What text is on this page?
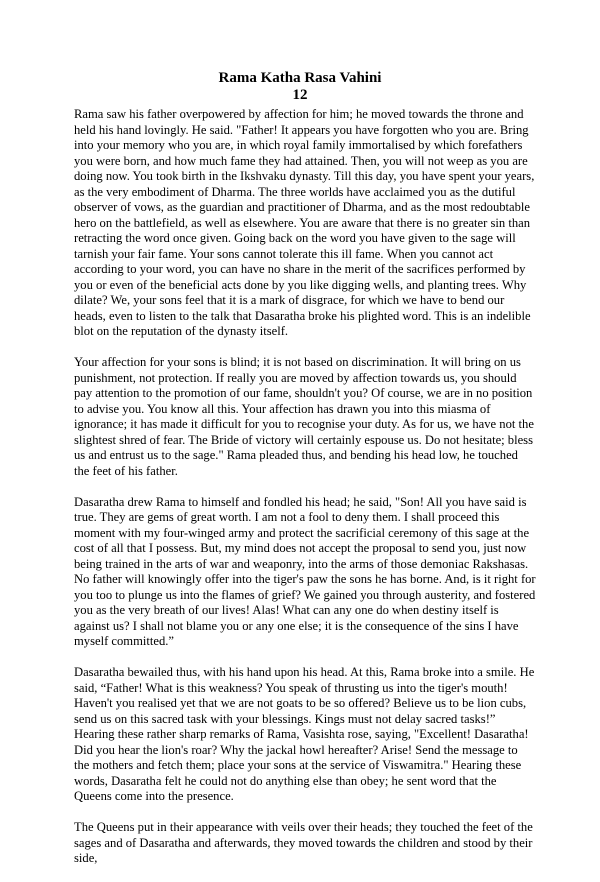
Rama Katha Rasa Vahini
12

Rama saw his father overpowered by affection for him; he moved towards the throne and held his hand lovingly. He said. "Father! It appears you have forgotten who you are. Bring into your memory who you are, in which royal family immortalised by which forefathers you were born, and how much fame they had attained. Then, you will not weep as you are doing now. You took birth in the Ikshvaku dynasty. Till this day, you have spent your years, as the very embodiment of Dharma. The three worlds have acclaimed you as the dutiful observer of vows, as the guardian and practitioner of Dharma, and as the most redoubtable hero on the battlefield, as well as elsewhere. You are aware that there is no greater sin than retracting the word once given. Going back on the word you have given to the sage will tarnish your fair fame. Your sons cannot tolerate this ill fame. When you cannot act according to your word, you can have no share in the merit of the sacrifices performed by you or even of the beneficial acts done by you like digging wells, and planting trees. Why dilate? We, your sons feel that it is a mark of disgrace, for which we have to bend our heads, even to listen to the talk that Dasaratha broke his plighted word. This is an indelible blot on the reputation of the dynasty itself.

Your affection for your sons is blind; it is not based on discrimination. It will bring on us punishment, not protection. If really you are moved by affection towards us, you should pay attention to the promotion of our fame, shouldn't you? Of course, we are in no position to advise you. You know all this. Your affection has drawn you into this miasma of ignorance; it has made it difficult for you to recognise your duty. As for us, we have not the slightest shred of fear. The Bride of victory will certainly espouse us. Do not hesitate; bless us and entrust us to the sage." Rama pleaded thus, and bending his head low, he touched the feet of his father.

Dasaratha drew Rama to himself and fondled his head; he said, "Son! All you have said is true. They are gems of great worth. I am not a fool to deny them. I shall proceed this moment with my four-winged army and protect the sacrificial ceremony of this sage at the cost of all that I possess. But, my mind does not accept the proposal to send you, just now being trained in the arts of war and weaponry, into the arms of those demoniac Rakshasas. No father will knowingly offer into the tiger's paw the sons he has borne. And, is it right for you too to plunge us into the flames of grief? We gained you through austerity, and fostered you as the very breath of our lives! Alas! What can any one do when destiny itself is against us? I shall not blame you or any one else; it is the consequence of the sins I have myself committed.”

Dasaratha bewailed thus, with his hand upon his head. At this, Rama broke into a smile. He said, “Father! What is this weakness? You speak of thrusting us into the tiger's mouth! Haven't you realised yet that we are not goats to be so offered? Believe us to be lion cubs, send us on this sacred task with your blessings. Kings must not delay sacred tasks!” Hearing these rather sharp remarks of Rama, Vasishta rose, saying, "Excellent! Dasaratha! Did you hear the lion's roar? Why the jackal howl hereafter? Arise! Send the message to the mothers and fetch them; place your sons at the service of Viswamitra." Hearing these words, Dasaratha felt he could not do anything else than obey; he sent word that the Queens come into the presence.

The Queens put in their appearance with veils over their heads; they touched the feet of the sages and of Dasaratha and afterwards, they moved towards the children and stood by their side,
